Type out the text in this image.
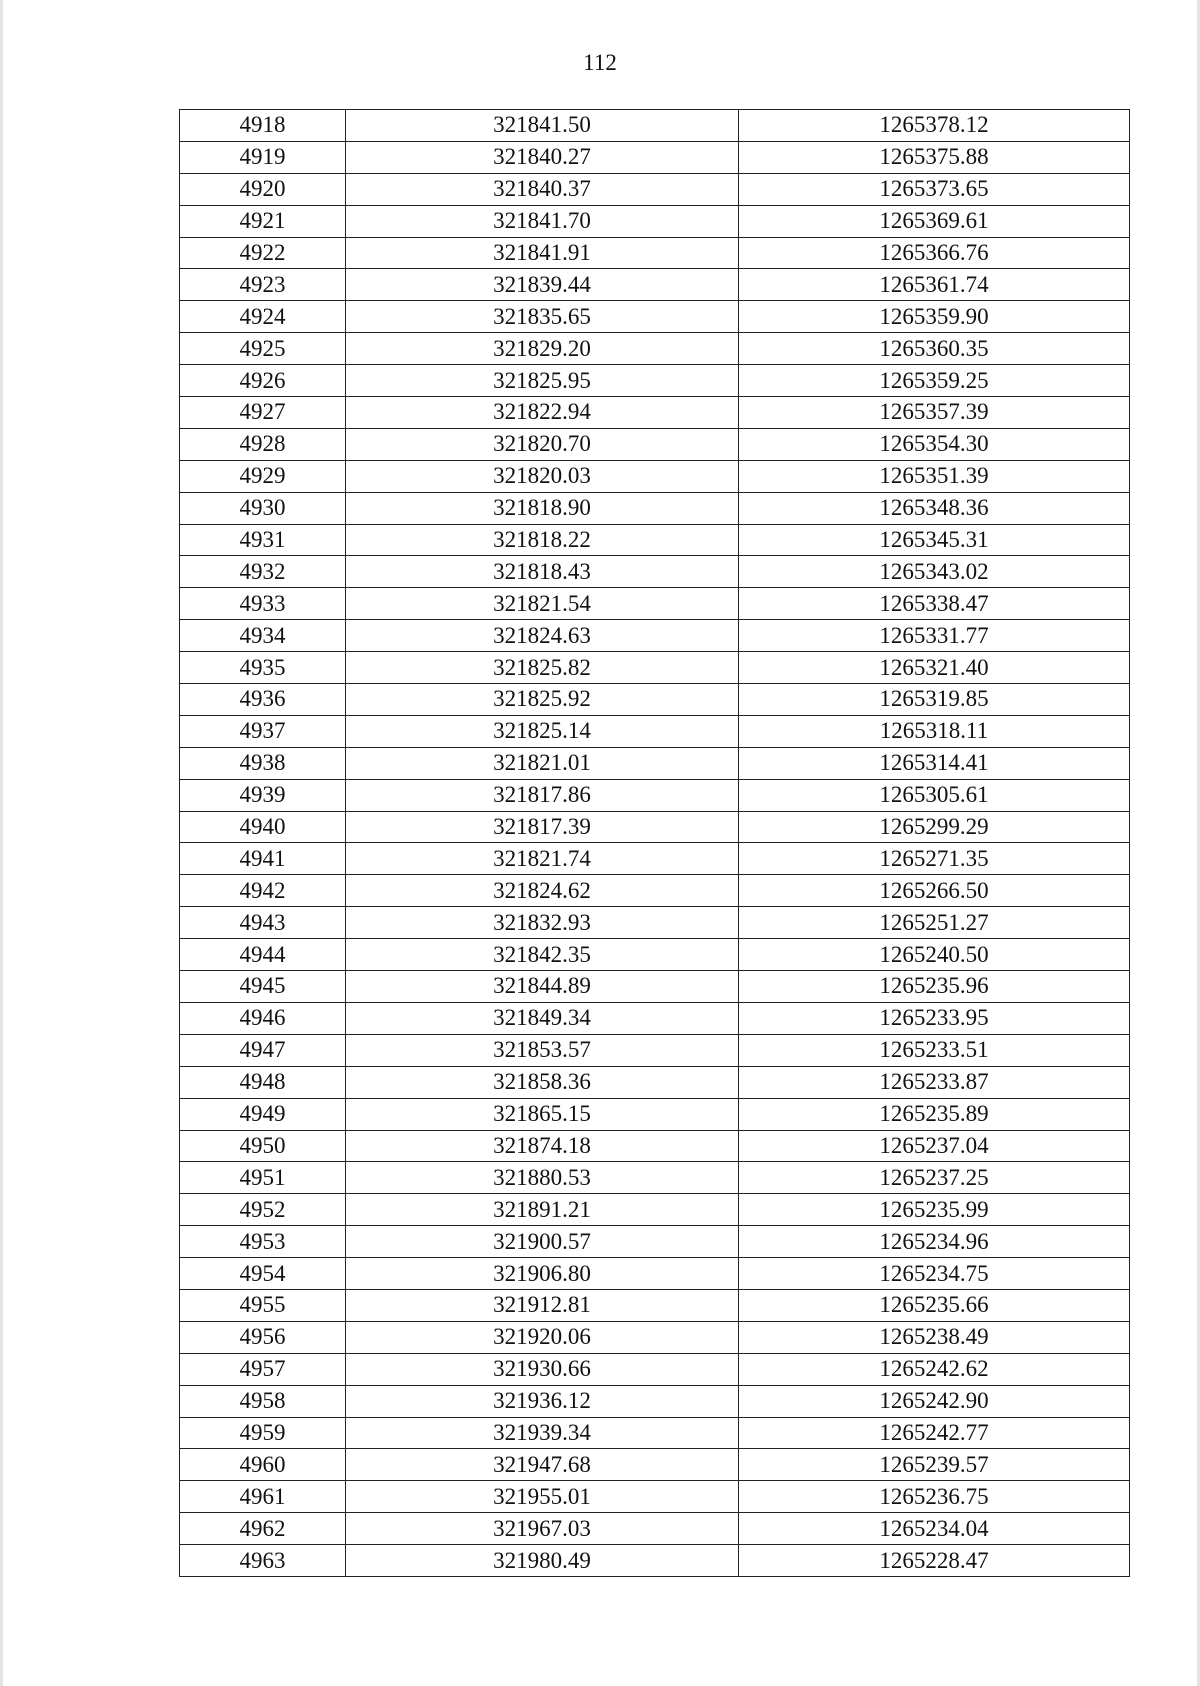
112
4918	321841.50	1265378.12
4919	321840.27	1265375.88
4920	321840.37	1265373.65
4921	321841.70	1265369.61
4922	321841.91	1265366.76
4923	321839.44	1265361.74
4924	321835.65	1265359.90
4925	321829.20	1265360.35
4926	321825.95	1265359.25
4927	321822.94	1265357.39
4928	321820.70	1265354.30
4929	321820.03	1265351.39
4930	321818.90	1265348.36
4931	321818.22	1265345.31
4932	321818.43	1265343.02
4933	321821.54	1265338.47
4934	321824.63	1265331.77
4935	321825.82	1265321.40
4936	321825.92	1265319.85
4937	321825.14	1265318.11
4938	321821.01	1265314.41
4939	321817.86	1265305.61
4940	321817.39	1265299.29
4941	321821.74	1265271.35
4942	321824.62	1265266.50
4943	321832.93	1265251.27
4944	321842.35	1265240.50
4945	321844.89	1265235.96
4946	321849.34	1265233.95
4947	321853.57	1265233.51
4948	321858.36	1265233.87
4949	321865.15	1265235.89
4950	321874.18	1265237.04
4951	321880.53	1265237.25
4952	321891.21	1265235.99
4953	321900.57	1265234.96
4954	321906.80	1265234.75
4955	321912.81	1265235.66
4956	321920.06	1265238.49
4957	321930.66	1265242.62
4958	321936.12	1265242.90
4959	321939.34	1265242.77
4960	321947.68	1265239.57
4961	321955.01	1265236.75
4962	321967.03	1265234.04
4963	321980.49	1265228.47
